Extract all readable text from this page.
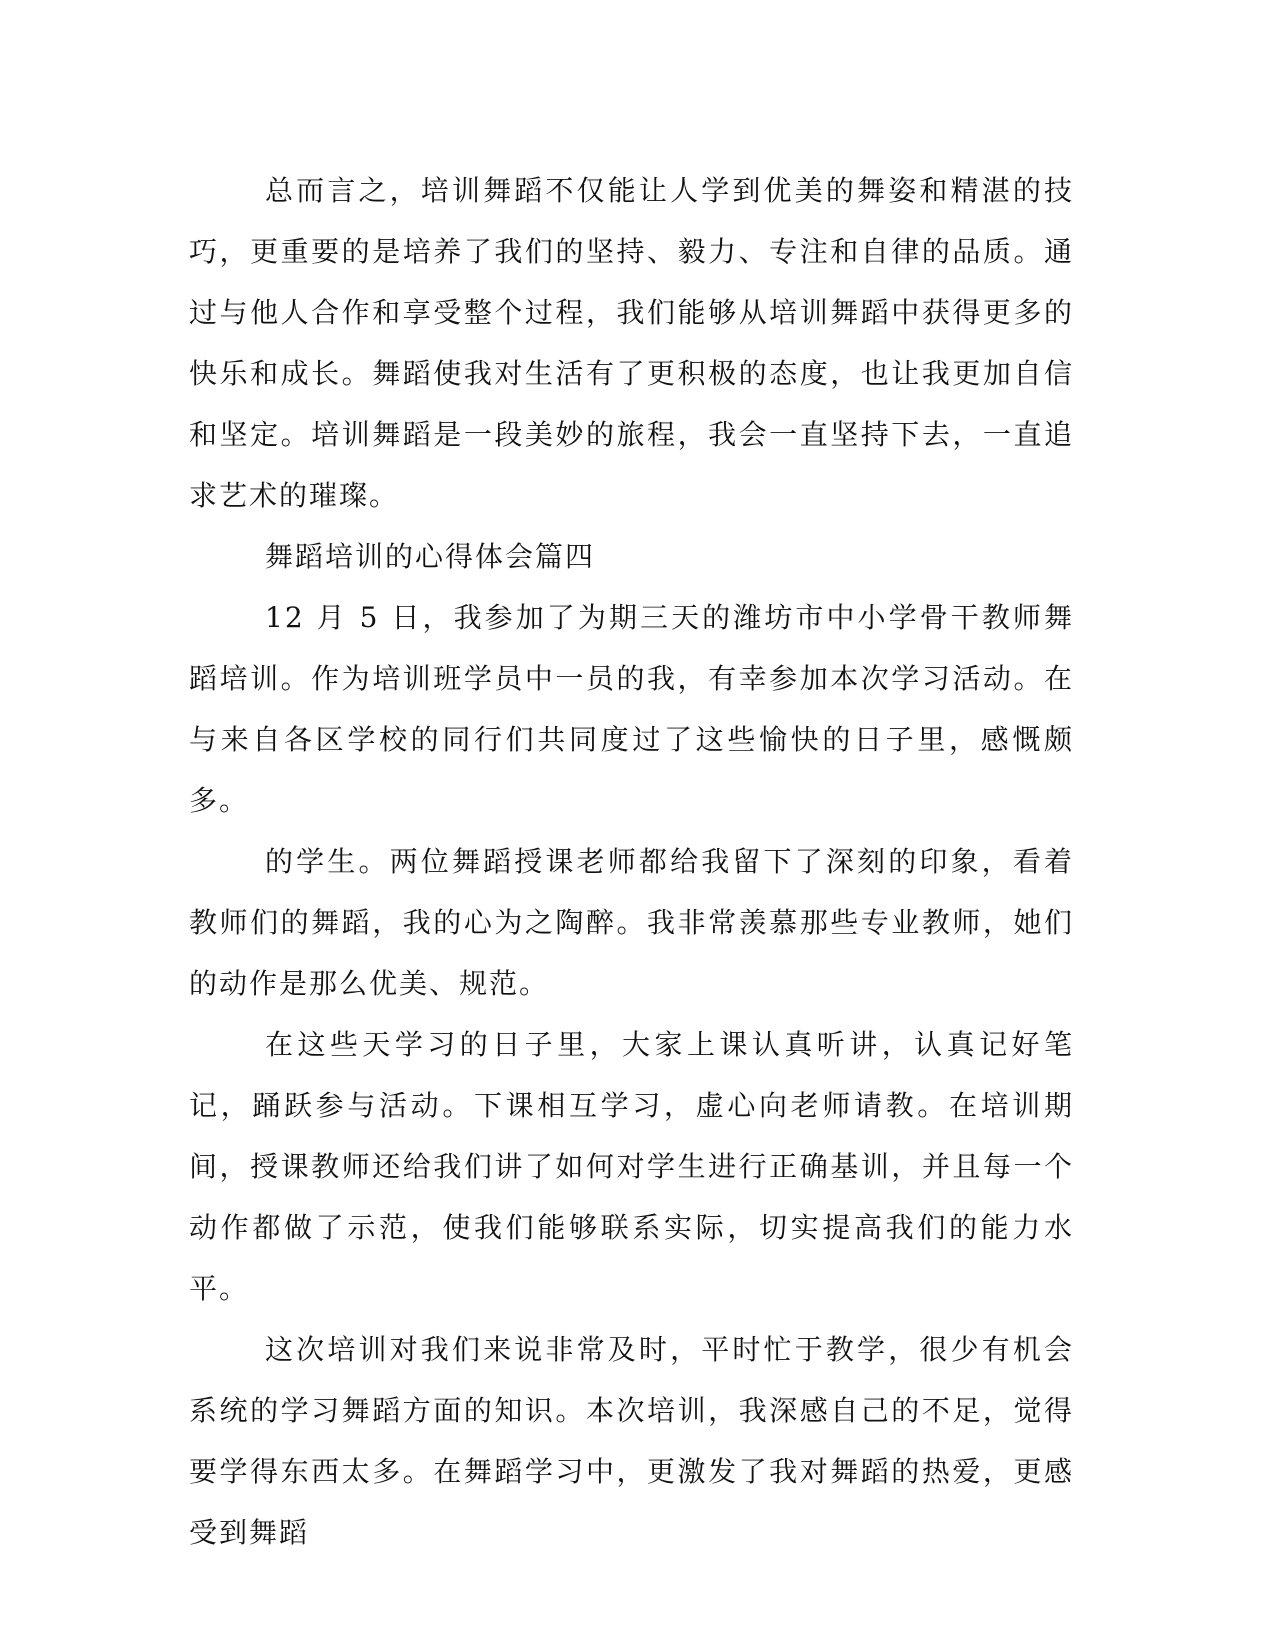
总而言之，培训舞蹈不仅能让人学到优美的舞姿和精湛的技巧，更重要的是培养了我们的坚持、毅力、专注和自律的品质。通过与他人合作和享受整个过程，我们能够从培训舞蹈中获得更多的快乐和成长。舞蹈使我对生活有了更积极的态度，也让我更加自信和坚定。培训舞蹈是一段美妙的旅程，我会一直坚持下去，一直追求艺术的璀璨。
舞蹈培训的心得体会篇四
12 月 5 日，我参加了为期三天的潍坊市中小学骨干教师舞蹈培训。作为培训班学员中一员的我，有幸参加本次学习活动。在与来自各区学校的同行们共同度过了这些愉快的日子里，感慨颇多。
的学生。两位舞蹈授课老师都给我留下了深刻的印象，看着教师们的舞蹈，我的心为之陶醉。我非常羡慕那些专业教师，她们的动作是那么优美、规范。
在这些天学习的日子里，大家上课认真听讲，认真记好笔记，踊跃参与活动。下课相互学习，虚心向老师请教。在培训期间，授课教师还给我们讲了如何对学生进行正确基训，并且每一个动作都做了示范，使我们能够联系实际，切实提高我们的能力水平。
这次培训对我们来说非常及时，平时忙于教学，很少有机会系统的学习舞蹈方面的知识。本次培训，我深感自己的不足，觉得要学得东西太多。在舞蹈学习中，更激发了我对舞蹈的热爱，更感受到舞蹈
